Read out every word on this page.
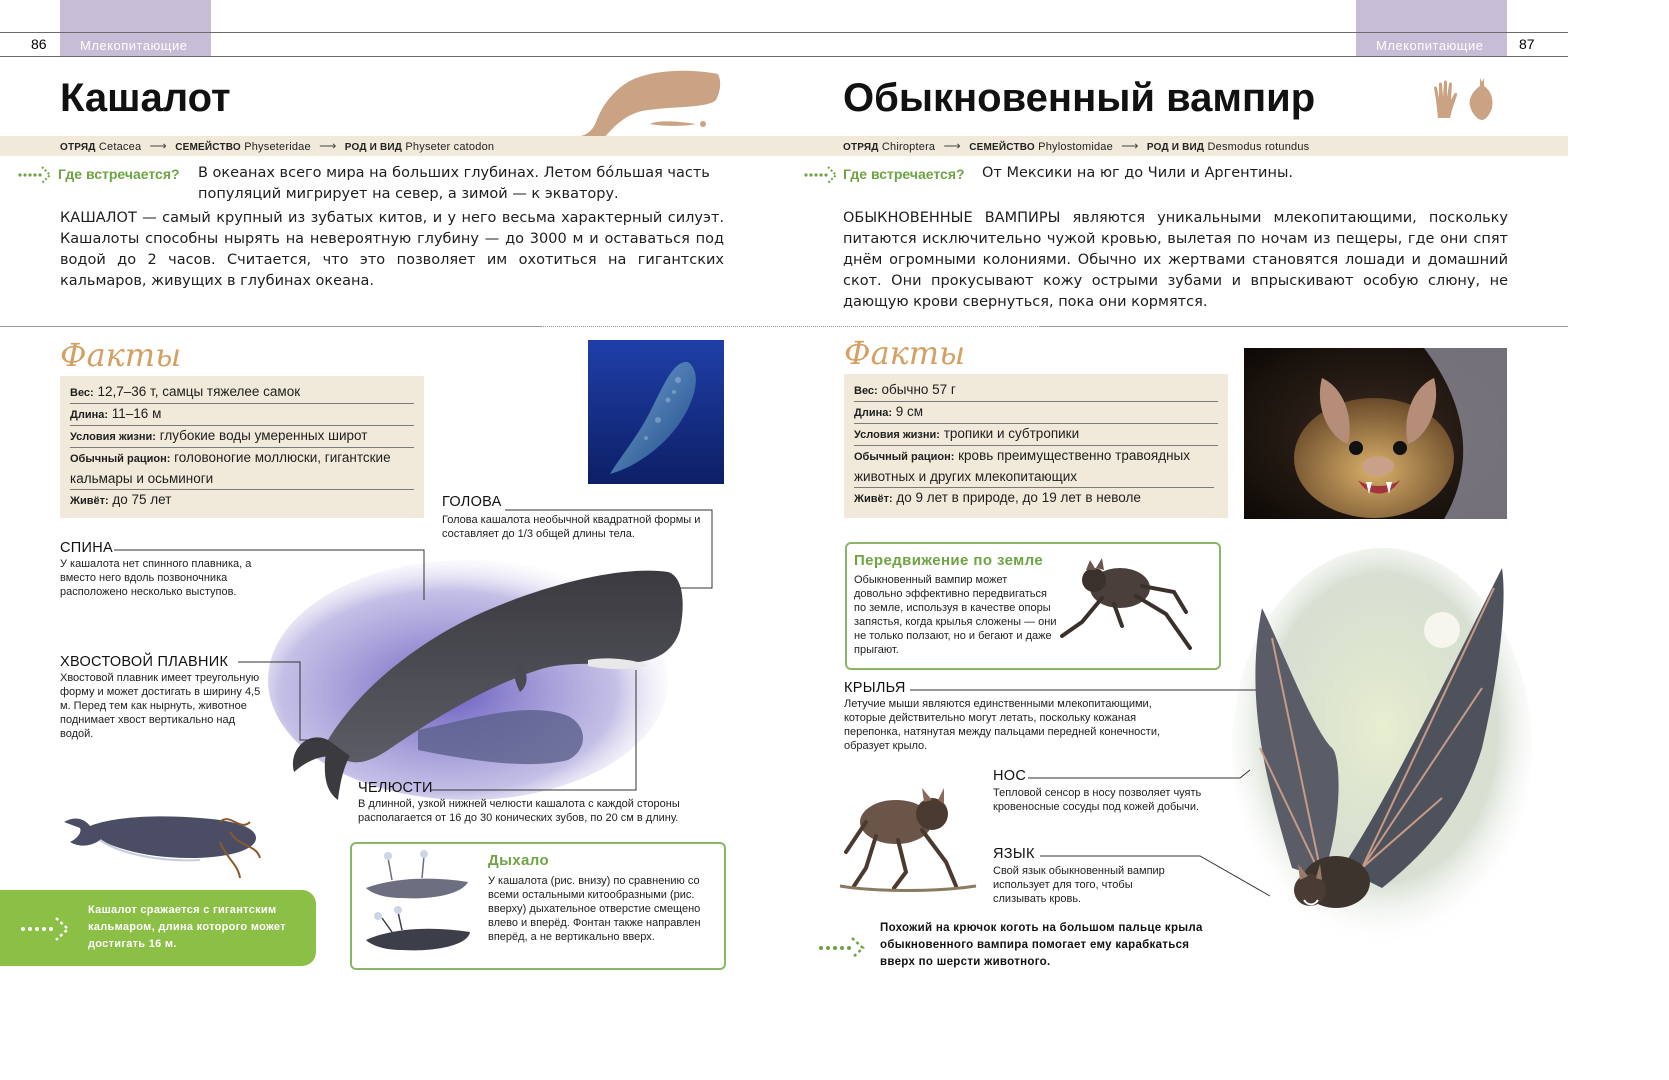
86	Млекопитающие	Млекопитающие	87
Кашалот	Обыкновенный вампир
ОТРЯД Cetacea ⟶ СЕМЕЙСТВО Physeteridae ⟶ РОД И ВИД Physeter catodon	ОТРЯД Chiroptera ⟶ СЕМЕЙСТВО Phylostomidae ⟶ РОД И ВИД Desmodus rotundus
Где встречается? В океанах всего мира на больших глубинах. Летом бо́льшая часть популяций мигрирует на север, а зимой — к экватору.
Где встречается? От Мексики на юг до Чили и Аргентины.
КАШАЛОТ — самый крупный из зубатых китов, и у него весьма характерный силуэт. Кашалоты способны нырять на невероятную глубину — до 3000 м и оставаться под водой до 2 часов. Считается, что это позволяет им охотиться на гигантских кальмаров, живущих в глубинах океана.
ОБЫКНОВЕННЫЕ ВАМПИРЫ являются уникальными млекопитающими, поскольку питаются исключительно чужой кровью, вылетая по ночам из пещеры, где они спят днём огромными колониями. Обычно их жертвами становятся лошади и домашний скот. Они прокусывают кожу острыми зубами и впрыскивают особую слюну, не дающую крови свернуться, пока они кормятся.
Факты
Вес: 12,7–36 т, самцы тяжелее самок
Длина: 11–16 м
Условия жизни: глубокие воды умеренных широт
Обычный рацион: головоногие моллюски, гигантские кальмары и осьминоги
Живёт: до 75 лет	ГОЛОВА
Голова кашалота необычной квадратной формы и составляет до 1/3 общей длины тела.
СПИНА
У кашалота нет спинного плавника, а вместо него вдоль позвоночника расположено несколько выступов.
ХВОСТОВОЙ ПЛАВНИК
Хвостовой плавник имеет треугольную форму и может достигать в ширину 4,5 м. Перед тем как нырнуть, животное поднимает хвост вертикально над водой.
ЧЕЛЮСТИ
В длинной, узкой нижней челюсти кашалота с каждой стороны располагается от 16 до 30 конических зубов, по 20 см в длину.
Кашалот сражается с гигантским кальмаром, длина которого может достигать 16 м.
Дыхало
У кашалота (рис. внизу) по сравнению со всеми остальными китообразными (рис. вверху) дыхательное отверстие смещено влево и вперёд. Фонтан также направлен вперёд, а не вертикально вверх.
Факты
Вес: обычно 57 г
Длина: 9 см
Условия жизни: тропики и субтропики
Обычный рацион: кровь преимущественно травоядных животных и других млекопитающих
Живёт: до 9 лет в природе, до 19 лет в неволе
Передвижение по земле
Обыкновенный вампир может довольно эффективно передвигаться по земле, используя в качестве опоры запястья, когда крылья сложены — они не только ползают, но и бегают и даже прыгают.
КРЫЛЬЯ
Летучие мыши являются единственными млекопитающими, которые действительно могут летать, поскольку кожаная перепонка, натянутая между пальцами передней конечности, образует крыло.
НОС
Тепловой сенсор в носу позволяет чуять кровеносные сосуды под кожей добычи.
ЯЗЫК
Свой язык обыкновенный вампир использует для того, чтобы слизывать кровь.
Похожий на крючок коготь на большом пальце крыла обыкновенного вампира помогает ему карабкаться вверх по шерсти животного.
